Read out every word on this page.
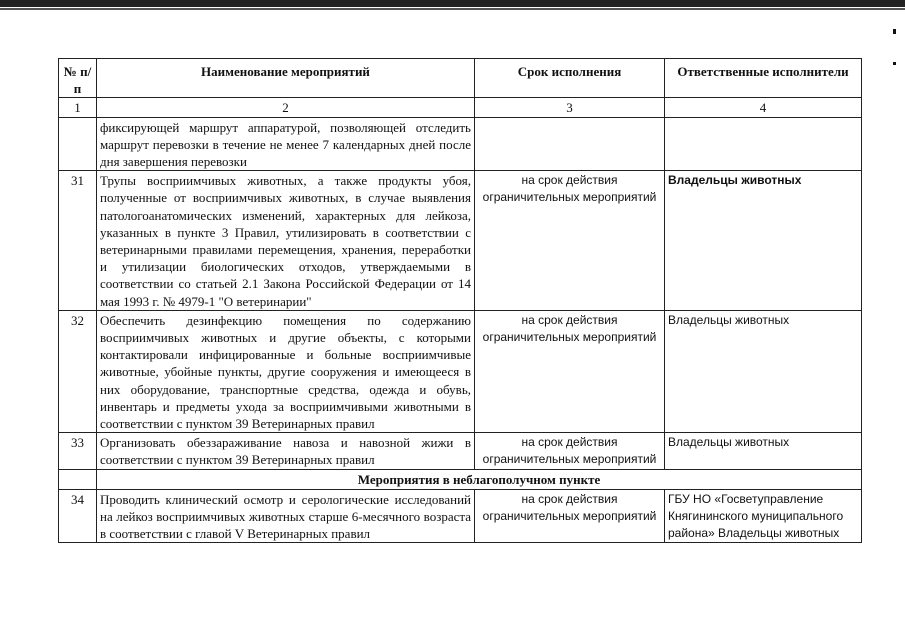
№ п/п	Наименование мероприятий	Срок исполнения	Ответственные исполнители
1	2	3	4
	фиксирующей маршрут аппаратурой, позволяющей отследить маршрут перевозки в течение не менее 7 календарных дней после дня завершения перевозки		
31	Трупы восприимчивых животных, а также продукты убоя, полученные от восприимчивых животных, в случае выявления патологоанатомических изменений, характерных для лейкоза, указанных в пункте 3 Правил, утилизировать в соответствии с ветеринарными правилами перемещения, хранения, переработки и утилизации биологических отходов, утверждаемыми в соответствии со статьей 2.1 Закона Российской Федерации от 14 мая 1993 г. № 4979-1 "О ветеринарии"	на срок действия ограничительных мероприятий	Владельцы животных
32	Обеспечить дезинфекцию помещения по содержанию восприимчивых животных и другие объекты, с которыми контактировали инфицированные и больные восприимчивые животные, убойные пункты, другие сооружения и имеющееся в них оборудование, транспортные средства, одежда и обувь, инвентарь и предметы ухода за восприимчивыми животными в соответствии с пунктом 39 Ветеринарных правил	на срок действия ограничительных мероприятий	Владельцы животных
33	Организовать обеззараживание навоза и навозной жижи в соответствии с пунктом 39 Ветеринарных правил	на срок действия ограничительных мероприятий	Владельцы животных
	Мероприятия в неблагополучном пункте		
34	Проводить клинический осмотр и серологические исследований на лейкоз восприимчивых животных старше 6-месячного возраста в соответствии с главой V Ветеринарных правил	на срок действия ограничительных мероприятий	ГБУ НО «Госветуправление Княгининского муниципального района» Владельцы животных
